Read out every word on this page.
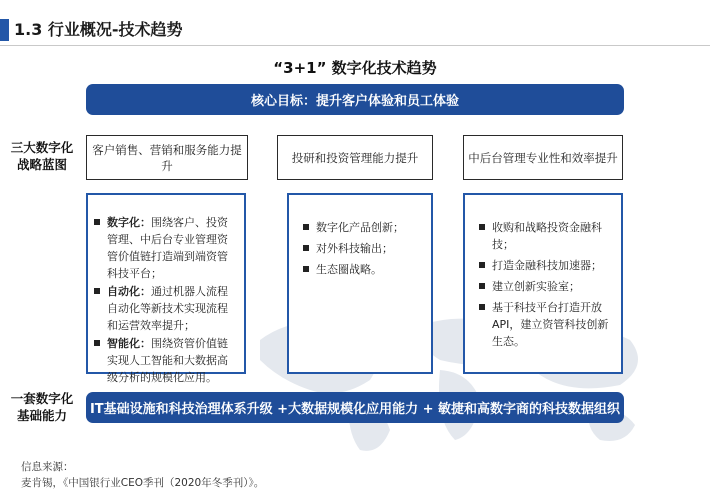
1.3 行业概况-技术趋势
“3+1” 数字化技术趋势
核心目标：提升客户体验和员工体验
三大数字化
战略蓝图
一套数字化
基础能力
客户销售、营销和服务能力提升
投研和投资管理能力提升	中后台管理专业性和效率提升
数字化：围绕客户、投资管理、中后台专业管理资管价值链打造端到端资管科技平台；
自动化：通过机器人流程自动化等新技术实现流程和运营效率提升；
智能化：围绕资管价值链实现人工智能和大数据高级分析的规模化应用。
数字化产品创新；
对外科技输出；
生态圈战略。
收购和战略投资金融科技；
打造金融科技加速器；
建立创新实验室；
基于科技平台打造开放API，建立资管科技创新生态。
IT基础设施和科技治理体系升级 +大数据规模化应用能力 + 敏捷和高数字商的科技数据组织
信息来源：
麦肯锡，《中国银行业CEO季刊（2020年冬季刊）》。
